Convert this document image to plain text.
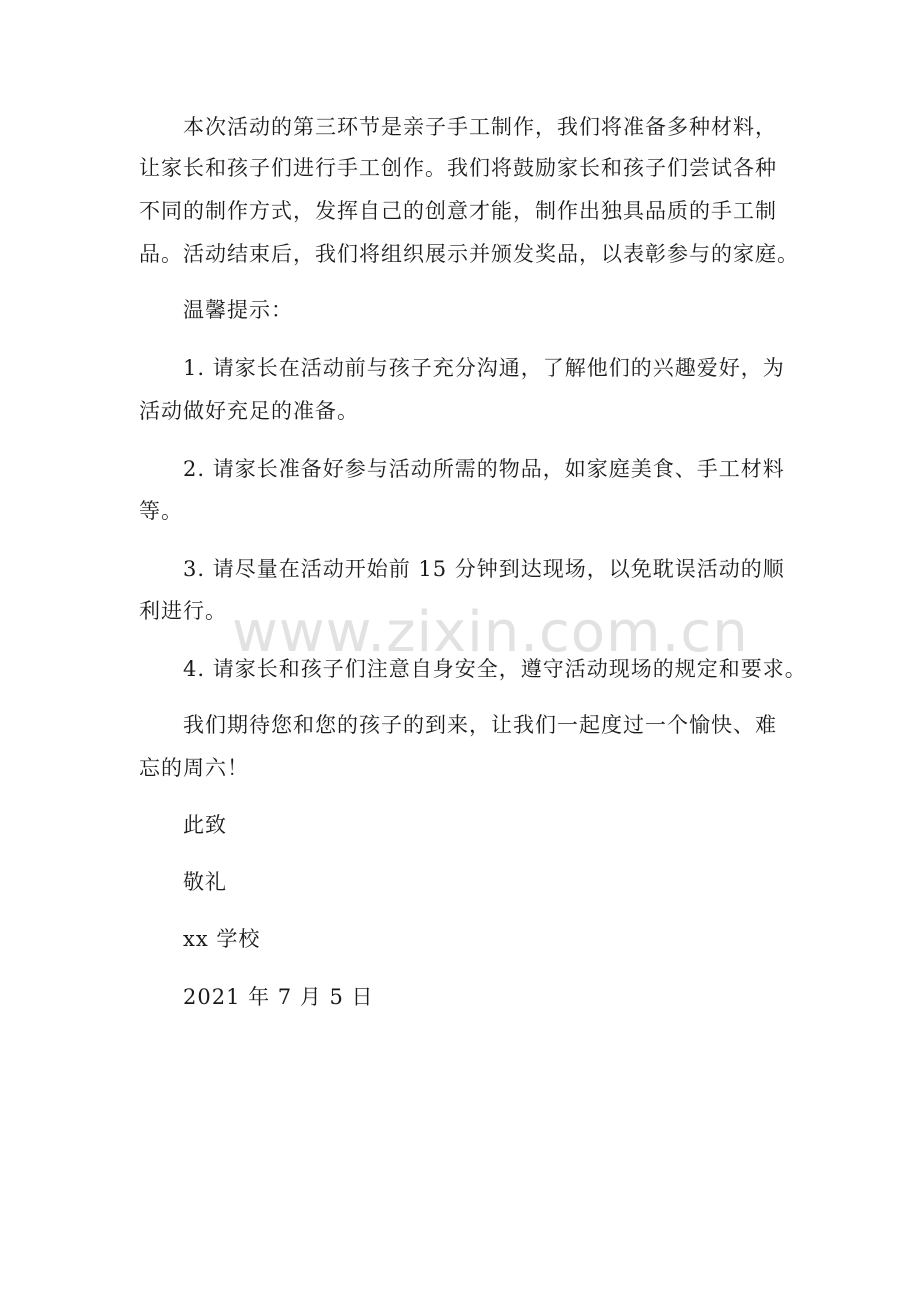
本次活动的第三环节是亲子手工制作，我们将准备多种材料，
让家长和孩子们进行手工创作。我们将鼓励家长和孩子们尝试各种
不同的制作方式，发挥自己的创意才能，制作出独具品质的手工制
品。活动结束后，我们将组织展示并颁发奖品，以表彰参与的家庭。
温馨提示：
1. 请家长在活动前与孩子充分沟通，了解他们的兴趣爱好，为
活动做好充足的准备。
2. 请家长准备好参与活动所需的物品，如家庭美食、手工材料
等。
3. 请尽量在活动开始前 15 分钟到达现场，以免耽误活动的顺
利进行。
4. 请家长和孩子们注意自身安全，遵守活动现场的规定和要求。
我们期待您和您的孩子的到来，让我们一起度过一个愉快、难
忘的周六！
此致
敬礼
xx 学校
2021 年 7 月 5 日
www.zixin.com.cn
